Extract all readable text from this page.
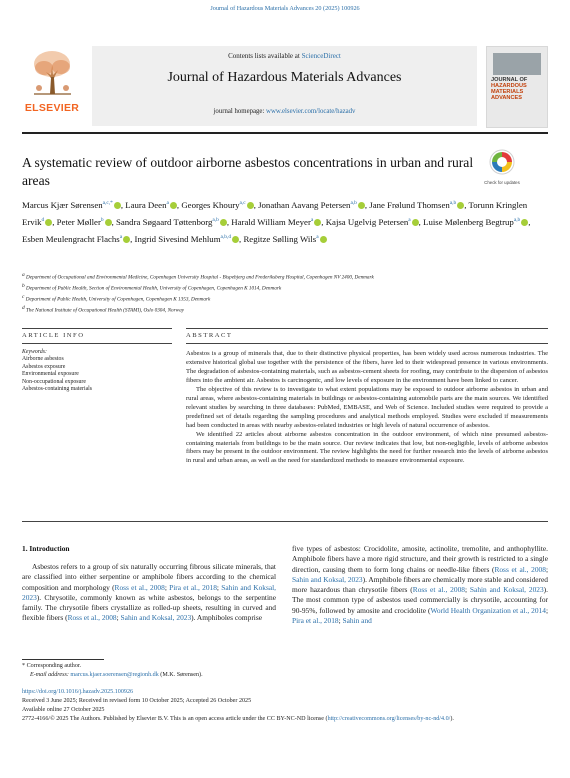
Journal of Hazardous Materials Advances 20 (2025) 100926
ELSEVIER
Contents lists available at ScienceDirect
Journal of Hazardous Materials Advances
journal homepage: www.elsevier.com/locate/hazadv
JOURNAL OF
HAZARDOUS
MATERIALS
ADVANCES
A systematic review of outdoor airborne asbestos concentrations in urban and rural areas	Check for updates
Marcus Kjær Sørensen$^{a,c,*}$ , Laura Deen$^a$ , Georges Khoury$^{a,c}$ , Jonathan Aavang Petersen$^{a,b}$ , Jane Frølund Thomsen$^{a,b}$ , Torunn Kringlen Ervik$^d$ , Peter Møller$^b$ , Sandra Søgaard Tøttenborg$^{a,b}$ , Harald William Meyer$^a$ , Kajsa Ugelvig Petersen$^a$ , Luise Mølenberg Begtrup$^{a,b}$ , Esben Meulengracht Flachs$^a$ , Ingrid Sivesind Mehlum$^{a,b,d}$ , Regitze Sølling Wils$^a$
$^a$ Department of Occupational and Environmental Medicine, Copenhagen University Hospital - Bispebjerg and Frederiksberg Hospital, Copenhagen NV 2400, Denmark
$^b$ Department of Public Health, Section of Environmental Health, University of Copenhagen, Copenhagen K 1014, Denmark
$^c$ Department of Public Health, University of Copenhagen, Copenhagen K 1353, Denmark
$^d$ The National Institute of Occupational Health (STAMI), Oslo 0304, Norway
ARTICLE INFO	ABSTRACT
Keywords:
Airborne asbestos
Asbestos exposure
Environmental exposure
Non-occupational exposure
Asbestos-containing materials

Asbestos is a group of minerals that, due to their distinctive physical properties, has been widely used across numerous industries. The extensive historical global use together with the persistence of the fibers, have led to their widespread presence in various environments. The degradation of asbestos-containing materials, such as asbestos-cement sheets for roofing, may contribute to the dispersion of asbestos fibers into the ambient air. Asbestos is carcinogenic, and low levels of exposure in the environment have been linked to cancer.

The objective of this review is to investigate to what extent populations may be exposed to outdoor airborne asbestos in urban and rural areas, where asbestos-containing materials in buildings or asbestos-containing automobile parts are the main sources. We identified relevant studies by searching in three databases: PubMed, EMBASE, and Web of Science. Included studies were required to provide a predefined set of details regarding the sampling procedures and analytical methods employed. Studies were excluded if measurements had been conducted in areas with nearby asbestos-related industries or high levels of natural occurrence of asbestos.

We identified 22 articles about airborne asbestos concentration in the outdoor environment, of which nine presumed asbestos-containing materials from buildings to be the main source. Our review indicates that low, but non-negligible, levels of airborne asbestos fibers may be present in the outdoor environment. The review highlights the need for further research into the levels of airborne asbestos in rural and urban areas, as well as the need for standardized methods to measure environmental exposure.

1. Introduction

Asbestos refers to a group of six naturally occurring fibrous silicate minerals, that are classified into either serpentine or amphibole fibers according to the chemical composition and morphology (Ross et al., 2008; Pira et al., 2018; Sahin and Koksal, 2023). Chrysotile, commonly known as white asbestos, belongs to the serpentine family. The chrysotile fibers crystallize as rolled-up sheets, resulting in curved and flexible fibers (Ross et al., 2008; Sahin and Koksal, 2023). Amphiboles comprise

five types of asbestos: Crocidolite, amosite, actinolite, tremolite, and anthophyllite. Amphibole fibers have a more rigid structure, and their growth is restricted to a single direction, causing them to form long chains or needle-like fibers (Ross et al., 2008; Sahin and Koksal, 2023). Amphibole fibers are chemically more stable and considered more hazardous than chrysotile fibers (Ross et al., 2008; Sahin and Koksal, 2023). The most common type of asbestos used commercially is chrysotile, accounting for 90-95%, followed by amosite and crocidolite (World Health Organization et al., 2014; Pira et al., 2018; Sahin and

* Corresponding author.
E-mail address: marcus.kjaer.soerensen@regionh.dk (M.K. Sørensen).
https://doi.org/10.1016/j.hazadv.2025.100926
Received 3 June 2025; Received in revised form 10 October 2025; Accepted 26 October 2025
Available online 27 October 2025
2772-4166/© 2025 The Authors. Published by Elsevier B.V. This is an open access article under the CC BY-NC-ND license (http://creativecommons.org/licenses/by-nc-nd/4.0/).
